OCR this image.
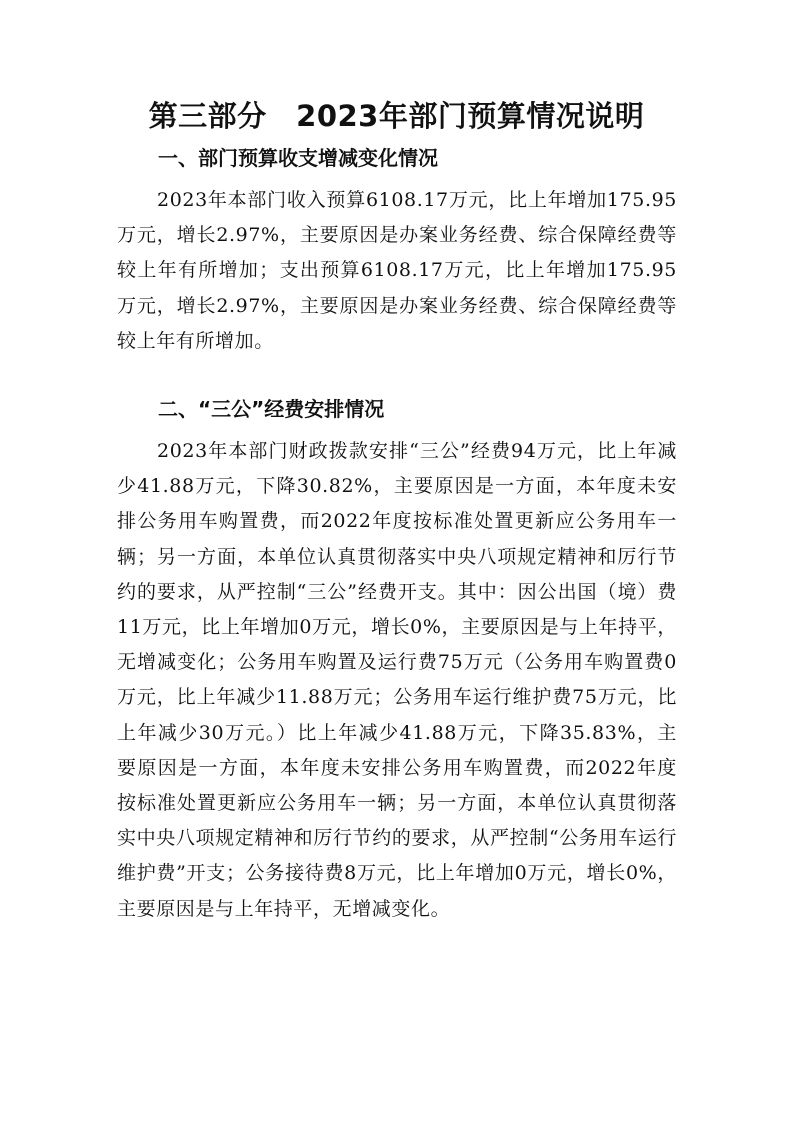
第三部分　2023年部门预算情况说明
一、部门预算收支增减变化情况
2023年本部门收入预算6108.17万元，比上年增加175.95万元，增长2.97%，主要原因是办案业务经费、综合保障经费等较上年有所增加；支出预算6108.17万元，比上年增加175.95万元，增长2.97%，主要原因是办案业务经费、综合保障经费等较上年有所增加。
二、“三公”经费安排情况
2023年本部门财政拨款安排“三公”经费94万元，比上年减少41.88万元，下降30.82%，主要原因是一方面，本年度未安排公务用车购置费，而2022年度按标准处置更新应公务用车一辆；另一方面，本单位认真贯彻落实中央八项规定精神和厉行节约的要求，从严控制“三公”经费开支。其中：因公出国（境）费11万元，比上年增加0万元，增长0%，主要原因是与上年持平，无增减变化；公务用车购置及运行费75万元（公务用车购置费0万元，比上年减少11.88万元；公务用车运行维护费75万元，比上年减少30万元。）比上年减少41.88万元，下降35.83%，主要原因是一方面，本年度未安排公务用车购置费，而2022年度按标准处置更新应公务用车一辆；另一方面，本单位认真贯彻落实中央八项规定精神和厉行节约的要求，从严控制“公务用车运行维护费”开支；公务接待费8万元，比上年增加0万元，增长0%，主要原因是与上年持平，无增减变化。
